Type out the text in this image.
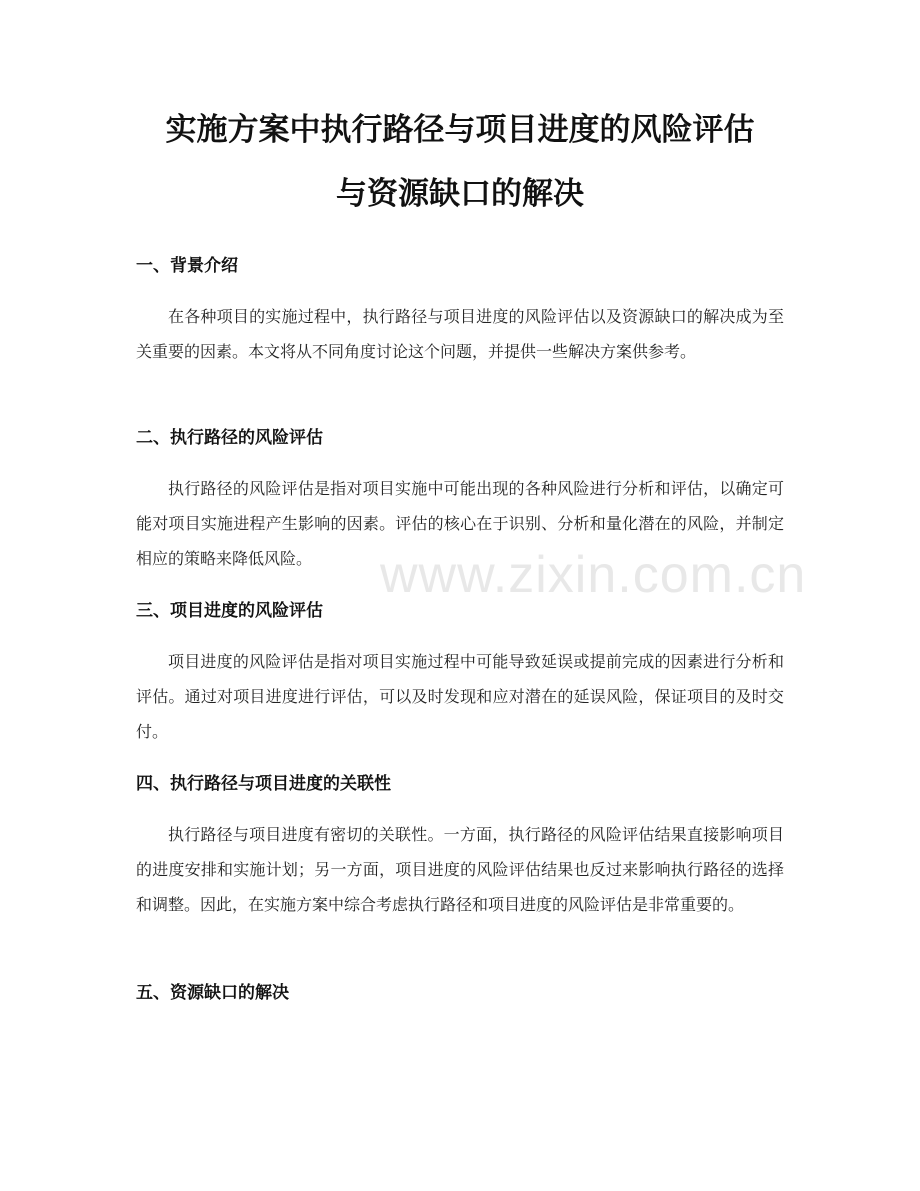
实施方案中执行路径与项目进度的风险评估
与资源缺口的解决
一、背景介绍

在各种项目的实施过程中，执行路径与项目进度的风险评估以及资源缺口的解决成为至关重要的因素。本文将从不同角度讨论这个问题，并提供一些解决方案供参考。

二、执行路径的风险评估

执行路径的风险评估是指对项目实施中可能出现的各种风险进行分析和评估，以确定可能对项目实施进程产生影响的因素。评估的核心在于识别、分析和量化潜在的风险，并制定相应的策略来降低风险。

三、项目进度的风险评估

项目进度的风险评估是指对项目实施过程中可能导致延误或提前完成的因素进行分析和评估。通过对项目进度进行评估，可以及时发现和应对潜在的延误风险，保证项目的及时交付。

四、执行路径与项目进度的关联性

执行路径与项目进度有密切的关联性。一方面，执行路径的风险评估结果直接影响项目的进度安排和实施计划；另一方面，项目进度的风险评估结果也反过来影响执行路径的选择和调整。因此，在实施方案中综合考虑执行路径和项目进度的风险评估是非常重要的。

五、资源缺口的解决
www.zixin.com.cn
